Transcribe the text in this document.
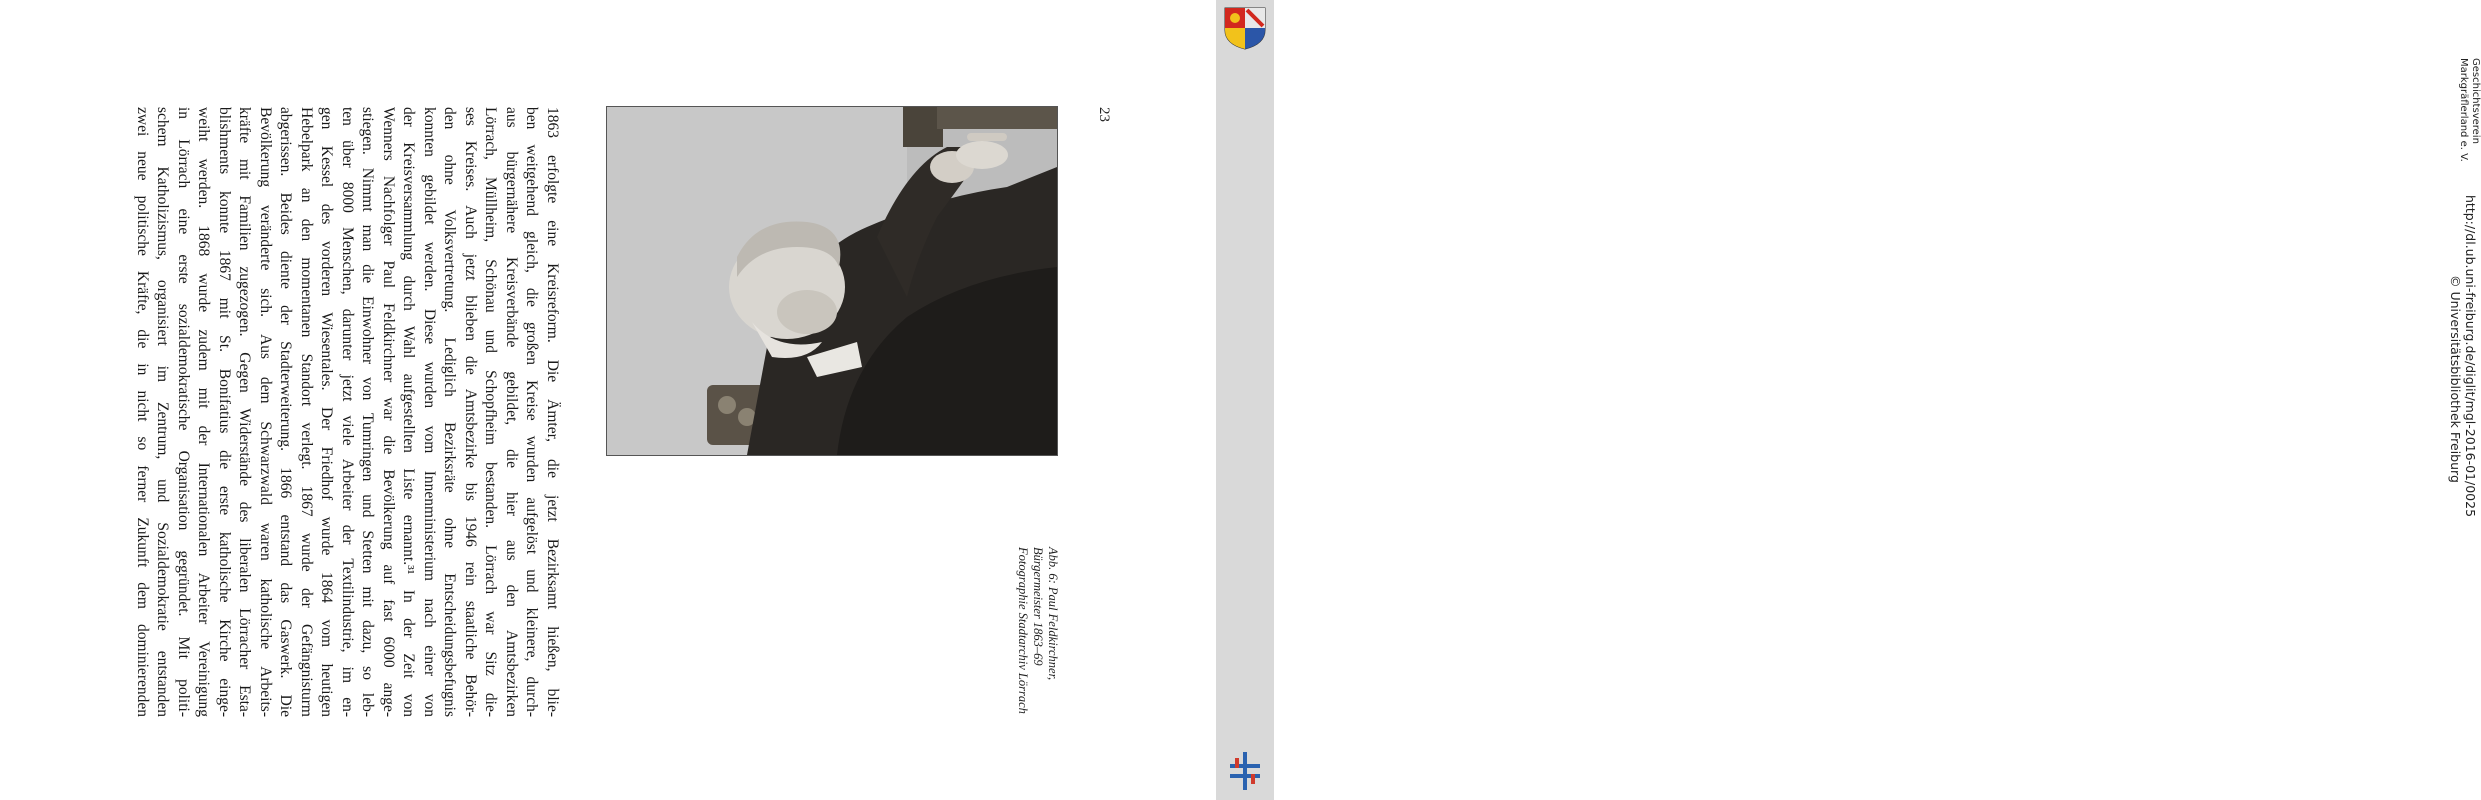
1863 erfolgte eine Kreisreform. Die Ämter, die jetzt Bezirksamt hießen, blie-

ben weitgehend gleich, die großen Kreise wurden aufgelöst und kleinere, durch-

aus bürgernähere Kreisverbände gebildet, die hier aus den Amtsbezirken

Lörrach, Müllheim, Schönau und Schopfheim bestanden. Lörrach war Sitz die-

ses Kreises. Auch jetzt blieben die Amtsbezirke bis 1946 rein staatliche Behör-

den ohne Volksvertretung. Lediglich Bezirksräte ohne Entscheidungsbefugnis

konnten gebildet werden. Diese wurden vom Innenministerium nach einer von

der Kreisversammlung durch Wahl aufgestellten Liste ernannt.³¹ In der Zeit von

Wenners Nachfolger Paul Feldkirchner war die Bevölkerung auf fast 6000 ange-

stiegen. Nimmt man die Einwohner von Tumringen und Stetten mit dazu, so leb-

ten über 8000 Menschen, darunter jetzt viele Arbeiter der Textilindustrie, im en-

gen Kessel des vorderen Wiesentales. Der Friedhof wurde 1864 vom heutigen

Hebelpark an den momentanen Standort verlegt. 1867 wurde der Gefängnisturm

abgerissen. Beides diente der Stadterweiterung. 1866 entstand das Gaswerk. Die

Bevölkerung veränderte sich. Aus dem Schwarzwald waren katholische Arbeits-

kräfte mit Familien zugezogen. Gegen Widerstände des liberalen Lörracher Esta-

blishments konnte 1867 mit St. Bonifatius die erste katholische Kirche einge-

weiht werden. 1868 wurde zudem mit der Internationalen Arbeiter Vereinigung

in Lörrach eine erste sozialdemokratische Organisation gegründet. Mit politi-

schem Katholizismus, organisiert im Zentrum, und Sozialdemokratie entstanden

zwei neue politische Kräfte, die in nicht so ferner Zukunft dem dominierenden	Abb. 6: Paul Feldkirchner,
Bürgermeister 1863–69
Fotographie Stadtarchiv Lörrach
23	Geschichtsverein
Markgräflerland e. V.
http://dl.ub.uni-freiburg.de/diglit/mgl-2016-01/0025
© Universitätsbibliothek Freiburg
